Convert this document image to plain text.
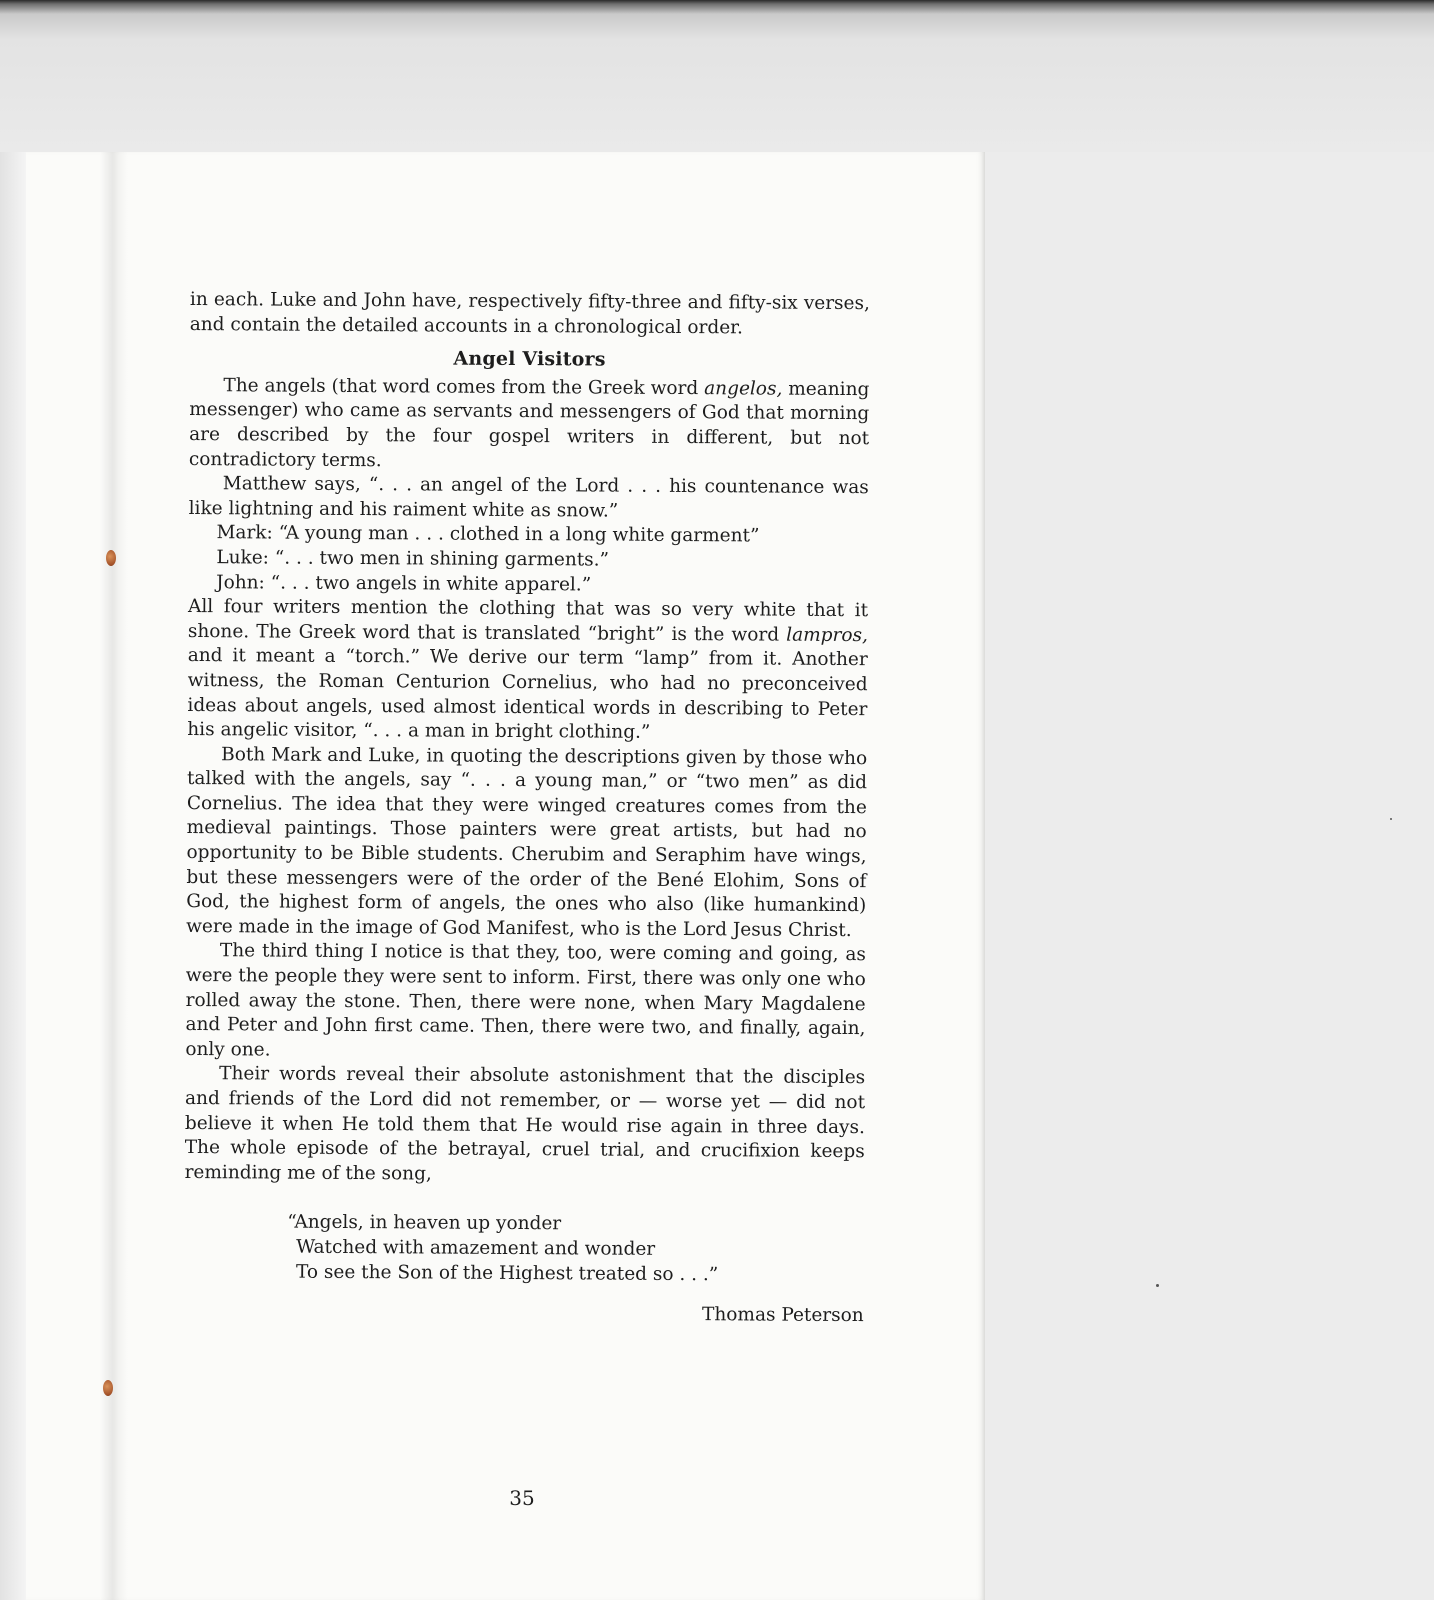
in each. Luke and John have, respectively fifty-three and fifty-six verses, and contain the detailed accounts in a chronological order.

Angel Visitors

The angels (that word comes from the Greek word angelos, meaning messenger) who came as servants and messengers of God that morning are described by the four gospel writers in different, but not contradictory terms.

Matthew says, “. . . an angel of the Lord . . . his countenance was like lightning and his raiment white as snow.”

Mark: “A young man . . . clothed in a long white garment”

Luke: “. . . two men in shining garments.”

John: “. . . two angels in white apparel.”

All four writers mention the clothing that was so very white that it shone. The Greek word that is translated “bright” is the word lampros, and it meant a “torch.” We derive our term “lamp” from it. Another witness, the Roman Centurion Cornelius, who had no preconceived ideas about angels, used almost identical words in describing to Peter his angelic visitor, “. . . a man in bright clothing.”

Both Mark and Luke, in quoting the descriptions given by those who talked with the angels, say “. . . a young man,” or “two men” as did Cornelius. The idea that they were winged creatures comes from the medieval paintings. Those painters were great artists, but had no opportunity to be Bible students. Cherubim and Seraphim have wings, but these messengers were of the order of the Bené Elohim, Sons of God, the highest form of angels, the ones who also (like humankind) were made in the image of God Manifest, who is the Lord Jesus Christ.

The third thing I notice is that they, too, were coming and going, as were the people they were sent to inform. First, there was only one who rolled away the stone. Then, there were none, when Mary Magdalene and Peter and John first came. Then, there were two, and finally, again, only one.

Their words reveal their absolute astonishment that the disciples and friends of the Lord did not remember, or — worse yet — did not believe it when He told them that He would rise again in three days. The whole episode of the betrayal, cruel trial, and crucifixion keeps reminding me of the song,

“Angels, in heaven up yonder
Watched with amazement and wonder
To see the Son of the Highest treated so . . .”
Thomas Peterson
35
